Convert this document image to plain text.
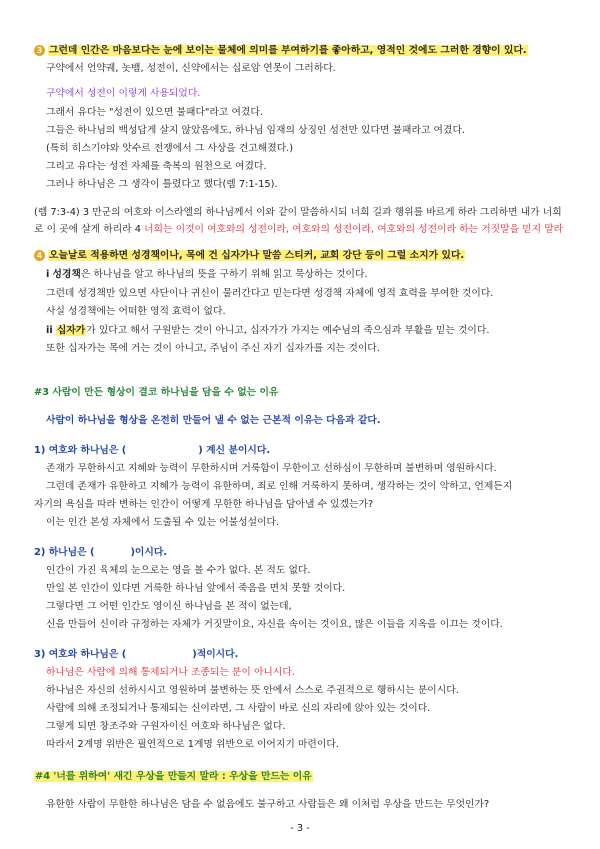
3 그런데 인간은 마음보다는 눈에 보이는 물체에 의미를 부여하기를 좋아하고, 영적인 것에도 그러한 경향이 있다.
구약에서 언약궤, 놋뱀, 성전이, 신약에서는 십로암 연못이 그러하다.
구약에서 성전이 이렇게 사용되었다.
그래서 유다는 "성전이 있으면 불패다"라고 여겼다.
그들은 하나님의 백성답게 살지 않았음에도, 하나님 임재의 상징인 성전만 있다면 불패라고 여겼다.
(특히 히스기야와 앗수르 전쟁에서 그 사상을 견고해졌다.)
그리고 유다는 성전 자체를 축복의 원천으로 여겼다.
그러나 하나님은 그 생각이 틀렸다고 했다(렘 7:1-15).
(렘 7:3-4) 3 만군의 여호와 이스라엘의 하나님께서 이와 같이 말씀하시되 너희 길과 행위를 바르게 하라 그리하면 내가 너희
로 이 곳에 살게 하리라 4 너희는 이것이 여호와의 성전이라, 여호와의 성전이라, 여호와의 성전이라 하는 거짓말을 믿지 말라
4 오늘날로 적용하면 성경책이나, 목에 건 십자가나 말씀 스티커, 교회 강단 등이 그럴 소지가 있다.
i 성경책은 하나님을 알고 하나님의 뜻을 구하기 위해 읽고 묵상하는 것이다.
그런데 성경책만 있으면 사단이나 귀신이 물러간다고 믿는다면 성경책 자체에 영적 효력을 부여한 것이다.
사실 성경책에는 어떠한 영적 효력이 없다.
ii 십자가가 있다고 해서 구원받는 것이 아니고, 십자가가 가지는 예수님의 죽으심과 부활을 믿는 것이다.
또한 십자가는 목에 거는 것이 아니고, 주님이 주신 자기 십자가를 지는 것이다.
#3 사람이 만든 형상이 결코 하나님을 담을 수 없는 이유
사람이 하나님을 형상을 온전히 만들어 낼 수 없는 근본적 이유는 다음과 같다.
1) 여호와 하나님은 (	) 계신 분이시다.
존재가 무한하시고 지혜와 능력이 무한하시며 거룩함이 무한이고 선하심이 무한하며 불변하며 영원하시다.
그런데 존재가 유한하고 지혜가 능력이 유한하며, 죄로 인해 거룩하지 못하며, 생각하는 것이 악하고, 언제든지
자기의 욕심을 따라 변하는 인간이 어떻게 무한한 하나님을 담아낼 수 있겠는가?
이는 인간 본성 자체에서 도출될 수 있는 어불성설이다.
2) 하나님은 (	)이시다.
인간이 가진 육체의 눈으로는 영을 볼 수가 없다. 본 적도 없다.
만일 본 인간이 있다면 거룩한 하나님 앞에서 죽음을 면치 못할 것이다.
그렇다면 그 어떤 인간도 영이신 하나님을 본 적이 없는데,
신을 만들어 신이라 규정하는 자체가 거짓말이요, 자신을 속이는 것이요, 많은 이들을 지옥을 이끄는 것이다.
3) 여호와 하나님은 (	)적이시다.
하나님은 사람에 의해 통제되거나 조종되는 분이 아니시다.
하나님은 자신의 선하시시고 영원하며 불변하는 뜻 안에서 스스로 주권적으로 행하시는 분이시다.
사람에 의해 조정되거나 통제되는 신이라면, 그 사람이 바로 신의 자리에 앉아 있는 것이다.
그렇게 되면 창조주와 구원자이신 여호와 하나님은 없다.
따라서 2계명 위반은 필연적으로 1계명 위반으로 이어지기 마련이다.
#4 '너를 위하여' 새긴 우상을 만들지 말라 : 우상을 만드는 이유
유한한 사람이 무한한 하나님은 담을 수 없음에도 불구하고 사람들은 왜 이처럼 우상을 만드는 무엇인가?
- 3 -
